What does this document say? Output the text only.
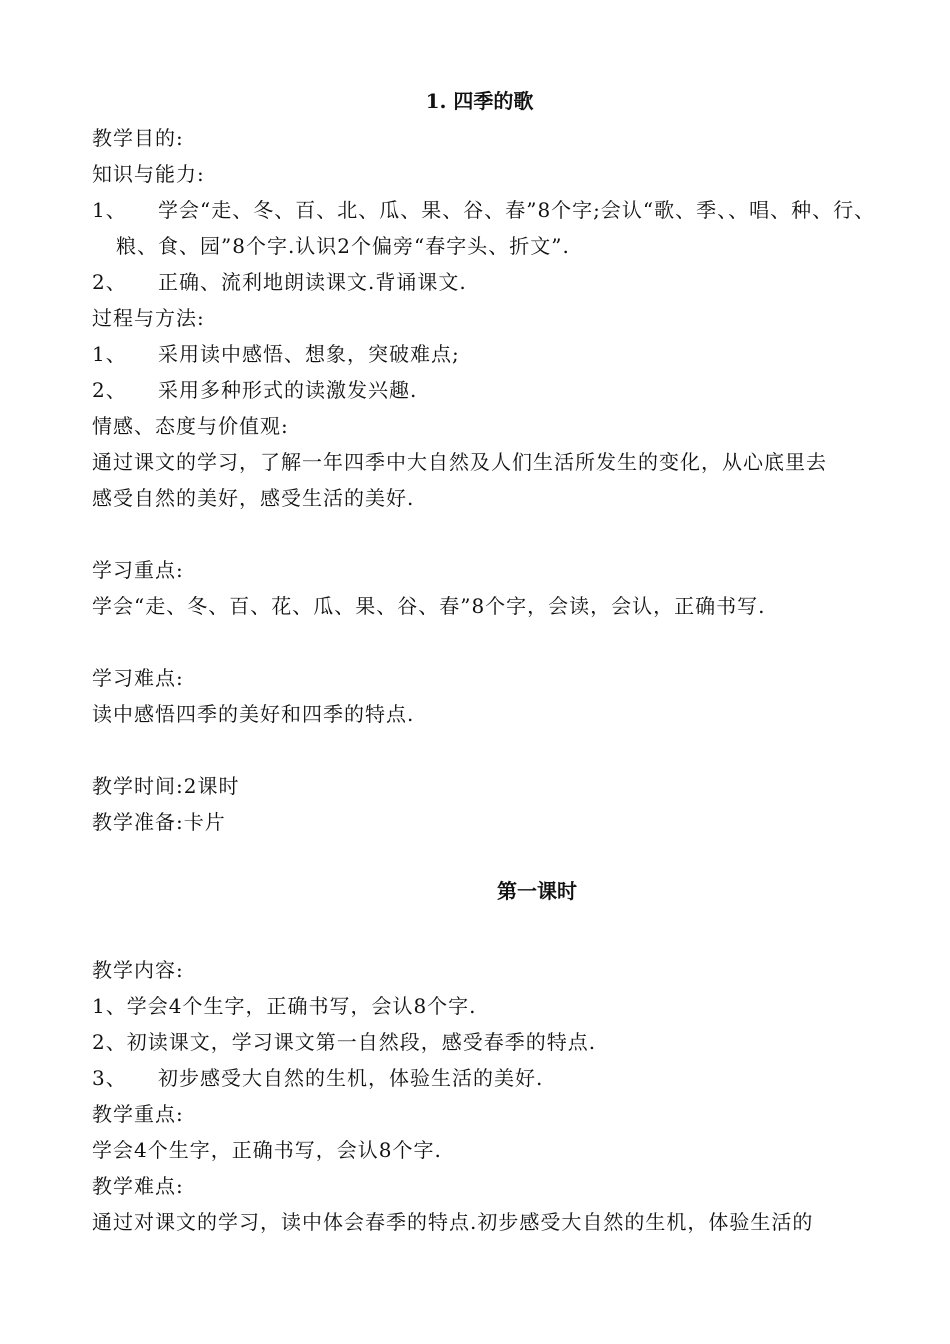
1. 四季的歌
教学目的:
知识与能力:
1、 学会“走、冬、百、北、瓜、果、谷、春”8个字;会认“歌、季、、唱、种、行、
粮、食、园”8个字.认识2个偏旁“春字头、折文”.
2、 正确、流利地朗读课文.背诵课文.
过程与方法:
1、 采用读中感悟、想象，突破难点;
2、 采用多种形式的读激发兴趣.
情感、态度与价值观:
通过课文的学习，了解一年四季中大自然及人们生活所发生的变化，从心底里去
感受自然的美好，感受生活的美好.
学习重点:
学会“走、冬、百、花、瓜、果、谷、春”8个字，会读，会认，正确书写.
学习难点:
读中感悟四季的美好和四季的特点.
教学时间:2课时
教学准备:卡片
第一课时
教学内容:
1、学会4个生字，正确书写，会认8个字.
2、初读课文，学习课文第一自然段，感受春季的特点.
3、 初步感受大自然的生机，体验生活的美好.
教学重点:
学会4个生字，正确书写，会认8个字.
教学难点:
通过对课文的学习，读中体会春季的特点.初步感受大自然的生机，体验生活的
